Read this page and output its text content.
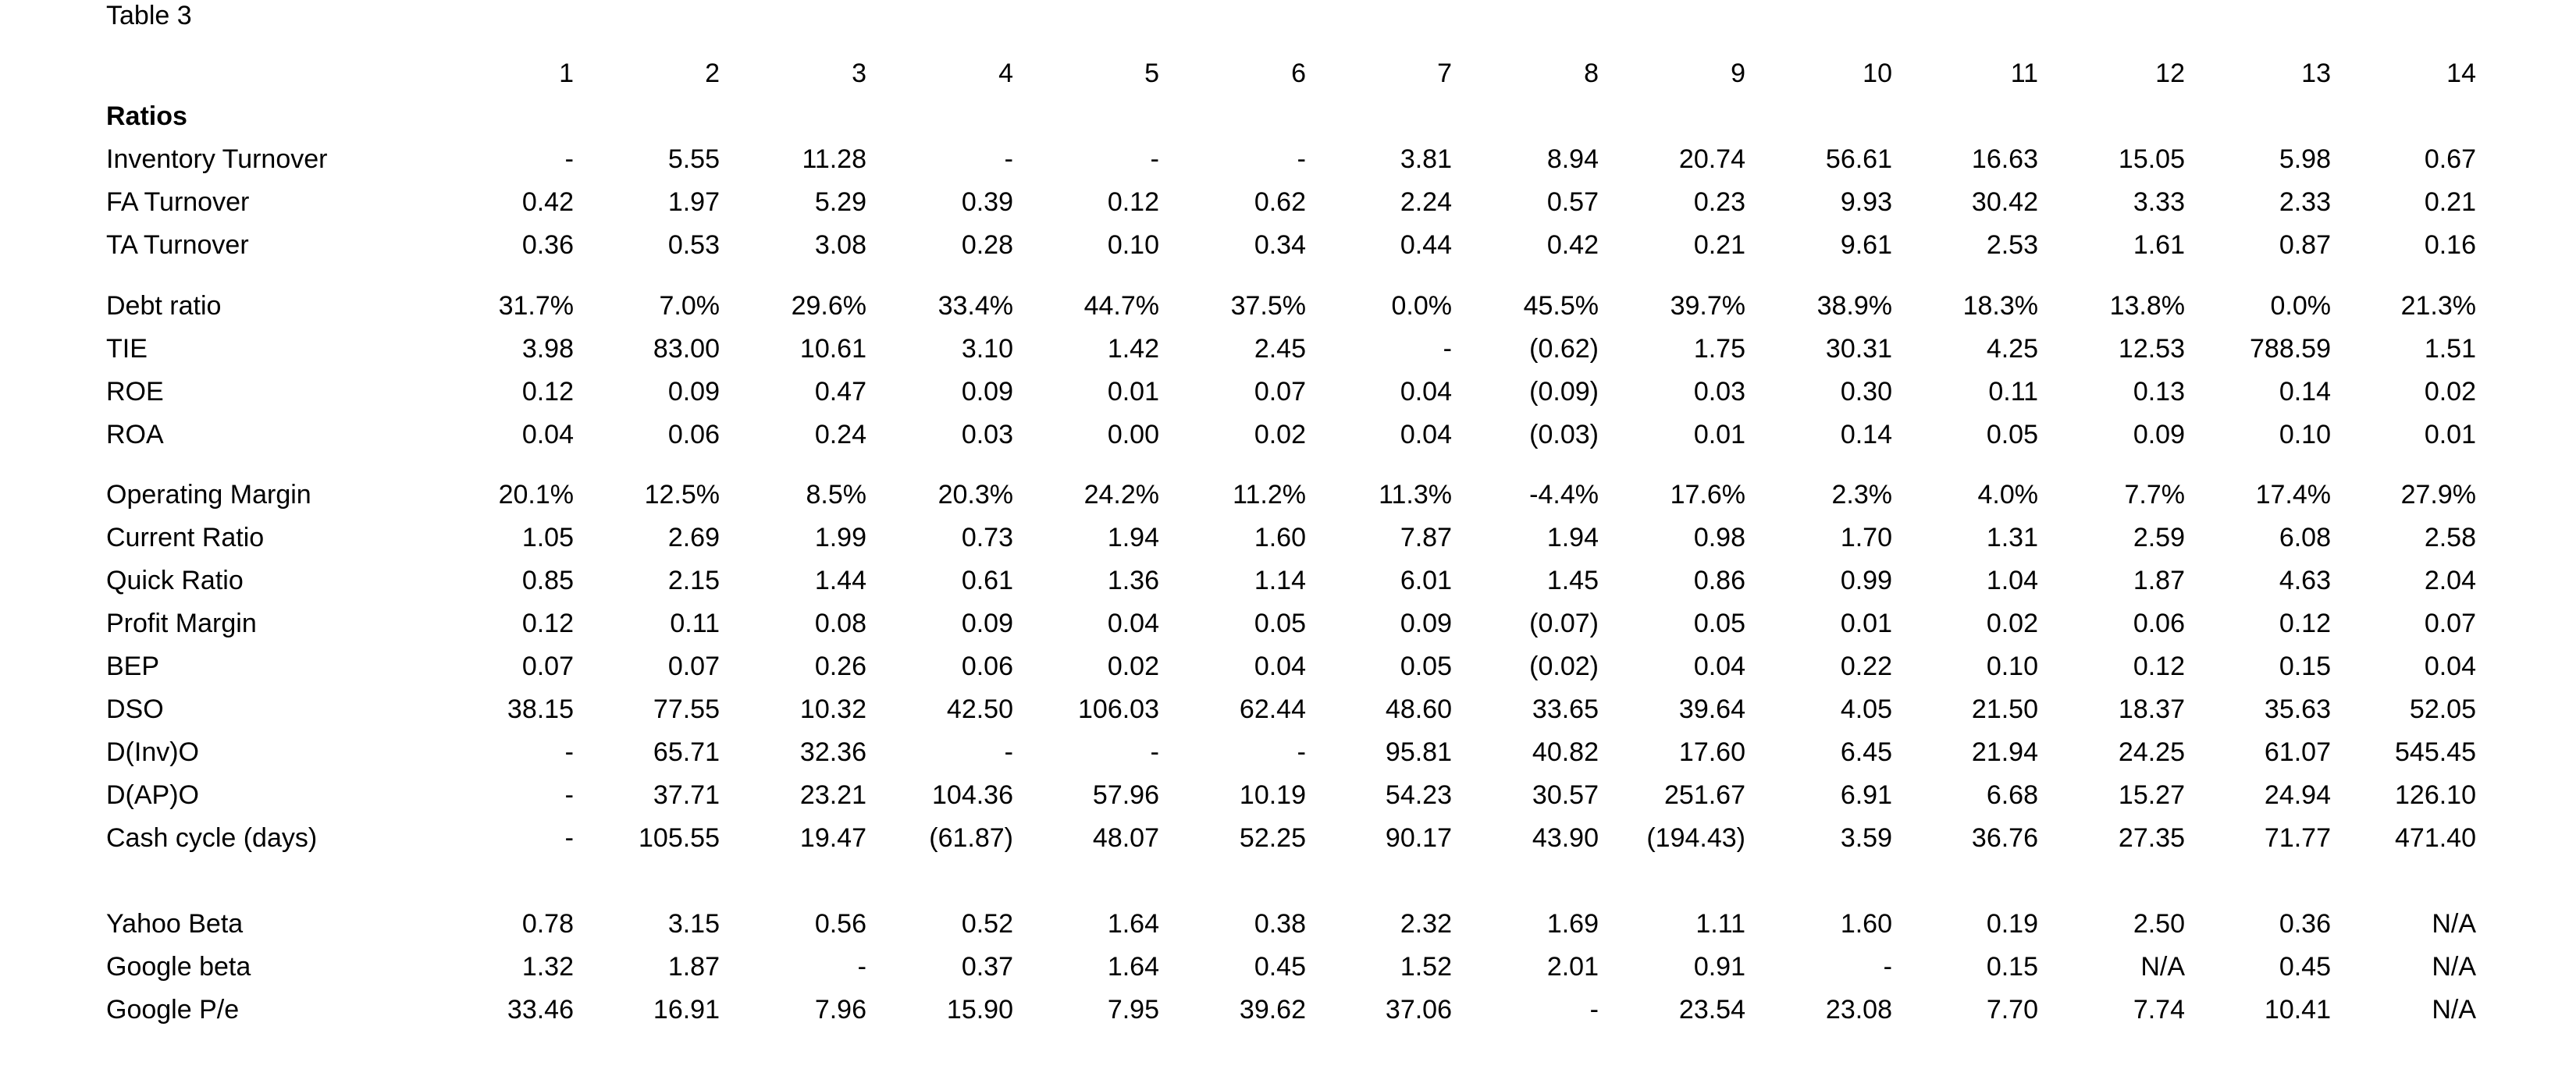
Table 3
1	2	3	4	5	6	7	8	9	10	11	12	13	14
Ratios
Inventory Turnover	-	5.55	11.28	-	-	-	3.81	8.94	20.74	56.61	16.63	15.05	5.98	0.67
FA Turnover	0.42	1.97	5.29	0.39	0.12	0.62	2.24	0.57	0.23	9.93	30.42	3.33	2.33	0.21
TA Turnover	0.36	0.53	3.08	0.28	0.10	0.34	0.44	0.42	0.21	9.61	2.53	1.61	0.87	0.16
Debt ratio	31.7%	7.0%	29.6%	33.4%	44.7%	37.5%	0.0%	45.5%	39.7%	38.9%	18.3%	13.8%	0.0%	21.3%
TIE	3.98	83.00	10.61	3.10	1.42	2.45	-	(0.62)	1.75	30.31	4.25	12.53	788.59	1.51
ROE	0.12	0.09	0.47	0.09	0.01	0.07	0.04	(0.09)	0.03	0.30	0.11	0.13	0.14	0.02
ROA	0.04	0.06	0.24	0.03	0.00	0.02	0.04	(0.03)	0.01	0.14	0.05	0.09	0.10	0.01
Operating Margin	20.1%	12.5%	8.5%	20.3%	24.2%	11.2%	11.3%	-4.4%	17.6%	2.3%	4.0%	7.7%	17.4%	27.9%
Current Ratio	1.05	2.69	1.99	0.73	1.94	1.60	7.87	1.94	0.98	1.70	1.31	2.59	6.08	2.58
Quick Ratio	0.85	2.15	1.44	0.61	1.36	1.14	6.01	1.45	0.86	0.99	1.04	1.87	4.63	2.04
Profit Margin	0.12	0.11	0.08	0.09	0.04	0.05	0.09	(0.07)	0.05	0.01	0.02	0.06	0.12	0.07
BEP	0.07	0.07	0.26	0.06	0.02	0.04	0.05	(0.02)	0.04	0.22	0.10	0.12	0.15	0.04
DSO	38.15	77.55	10.32	42.50	106.03	62.44	48.60	33.65	39.64	4.05	21.50	18.37	35.63	52.05
D(Inv)O	-	65.71	32.36	-	-	-	95.81	40.82	17.60	6.45	21.94	24.25	61.07	545.45
D(AP)O	-	37.71	23.21	104.36	57.96	10.19	54.23	30.57	251.67	6.91	6.68	15.27	24.94	126.10
Cash cycle (days)	-	105.55	19.47	(61.87)	48.07	52.25	90.17	43.90	(194.43)	3.59	36.76	27.35	71.77	471.40
Yahoo Beta	0.78	3.15	0.56	0.52	1.64	0.38	2.32	1.69	1.11	1.60	0.19	2.50	0.36	N/A
Google beta	1.32	1.87	-	0.37	1.64	0.45	1.52	2.01	0.91	-	0.15	N/A	0.45	N/A
Google P/e	33.46	16.91	7.96	15.90	7.95	39.62	37.06	-	23.54	23.08	7.70	7.74	10.41	N/A
